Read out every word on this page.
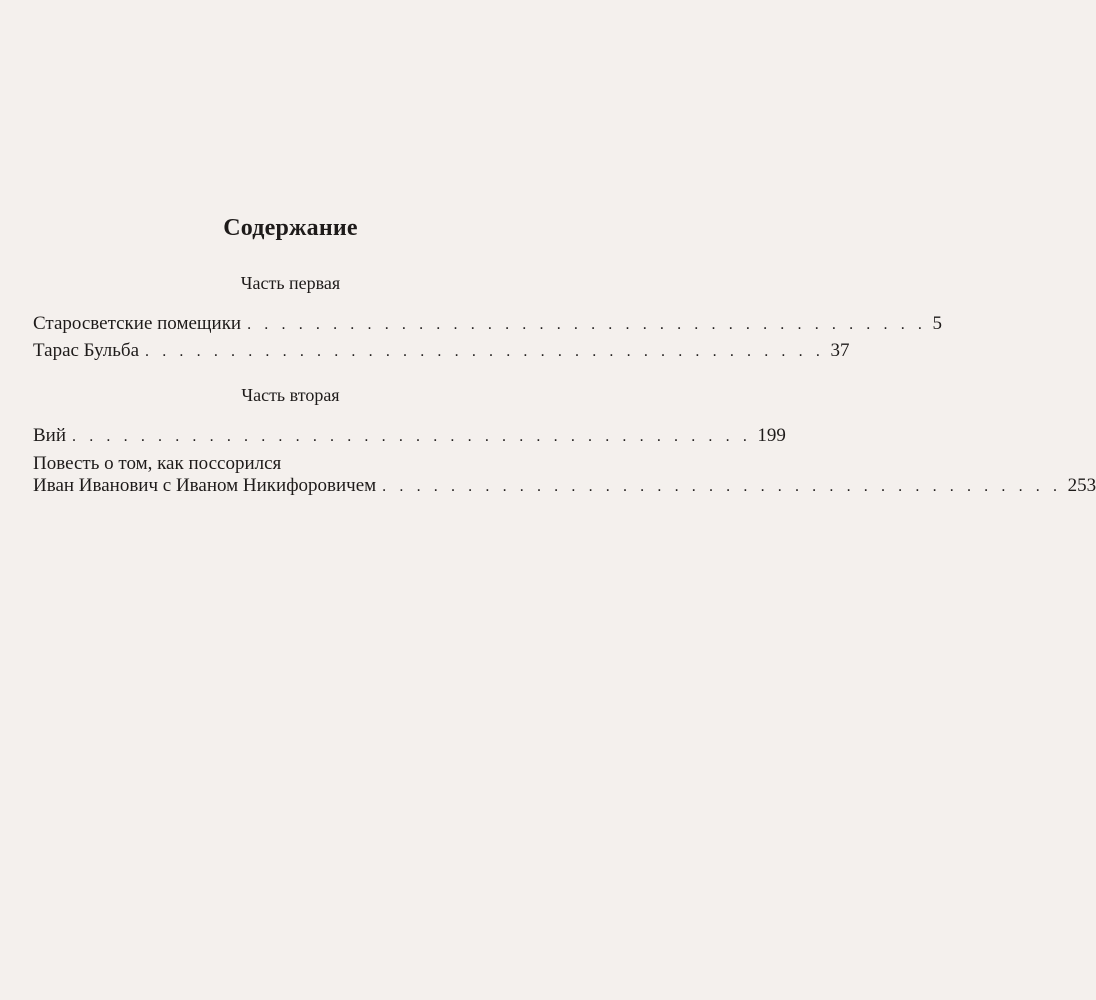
Содержание
Часть первая
Старосветские помещики . . . . . . . . . . . . . . . . . . . . . . . . . . . . . . . . . . . . . . . . 5
Тарас Бульба . . . . . . . . . . . . . . . . . . . . . . . . . . . . . . . . . . . . . . . . 37
Часть вторая
Вий . . . . . . . . . . . . . . . . . . . . . . . . . . . . . . . . . . . . . . . . 199
Повесть о том, как поссорился
Иван Иванович с Иваном Никифоровичем . . . . . . . . . . . . . . . . . . . . . . . . . . . . . . . . . . . . . . . . 253
